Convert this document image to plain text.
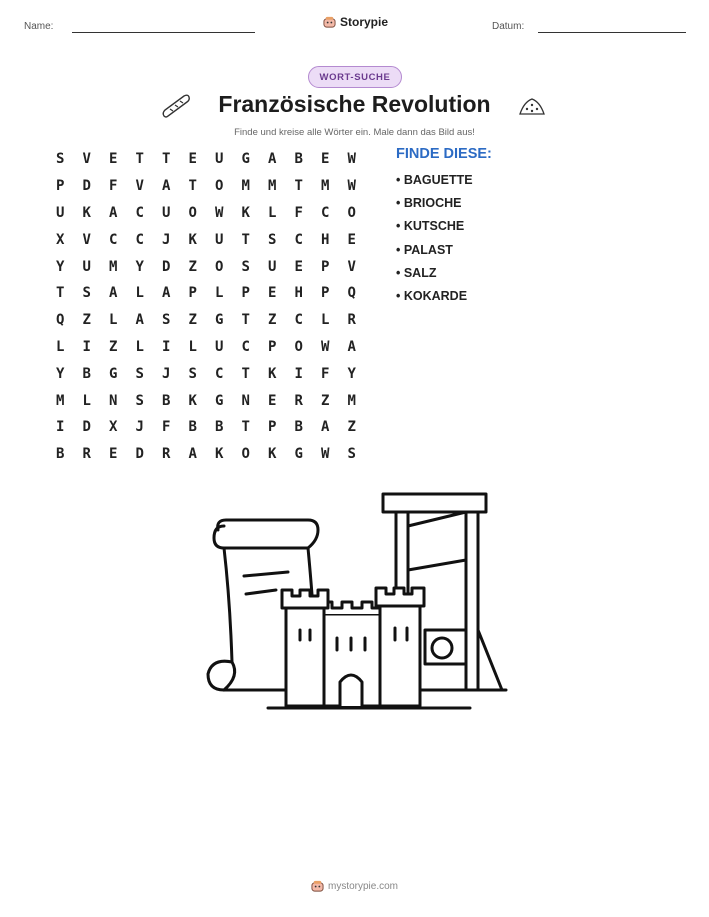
Name:	Storypie	Datum:
WORT-SUCHE
Französische Revolution
Finde und kreise alle Wörter ein. Male dann das Bild aus!
S	V	E	T	T	E	U	G	A	B	E	W
P	D	F	V	A	T	O	M	M	T	M	W
U	K	A	C	U	O	W	K	L	F	C	O
X	V	C	C	J	K	U	T	S	C	H	E
Y	U	M	Y	D	Z	O	S	U	E	P	V
T	S	A	L	A	P	L	P	E	H	P	Q
Q	Z	L	A	S	Z	G	T	Z	C	L	R
L	I	Z	L	I	L	U	C	P	O	W	A
Y	B	G	S	J	S	C	T	K	I	F	Y
M	L	N	S	B	K	G	N	E	R	Z	M
I	D	X	J	F	B	B	T	P	B	A	Z
B	R	E	D	R	A	K	O	K	G	W	S
FINDE DIESE:
• BAGUETTE
• BRIOCHE
• KUTSCHE
• PALAST
• SALZ
• KOKARDE
mystorypie.com
